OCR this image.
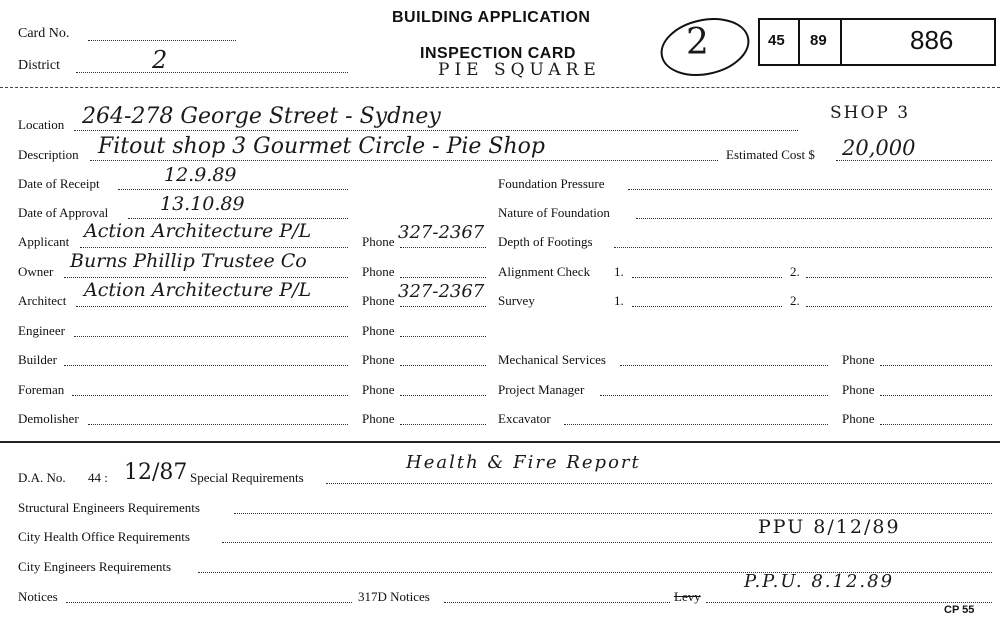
Card No.
District	2
BUILDING APPLICATION
INSPECTION CARD
PIE SQUARE
2	45 89	886
Location 264-278 George Street - Sydney	SHOP 3
Description Fitout shop 3 Gourmet Circle - Pie Shop	Estimated Cost $ 20,000
Date of Receipt	12.9.89
Date of Approval	13.10.89
Applicant Action Architecture P/L	Phone 327-2367
Owner Burns Phillip Trustee Co	Phone
Architect Action Architecture P/L	Phone 327-2367
Engineer	Phone
Builder	Phone
Foreman	Phone
Demolisher	Phone
Foundation Pressure
Nature of Foundation
Depth of Footings
Alignment Check 1.	2.
Survey	1.	2.
Mechanical Services	Phone
Project Manager	Phone
Excavator	Phone
D.A. No. 44 : 12/87 Special Requirements
Health & Fire Report
Structural Engineers Requirements
City Health Office Requirements	PPU 8/12/89
City Engineers Requirements
Notices	317D Notices	Levy
P.P.U. 8.12.89
CP 55
